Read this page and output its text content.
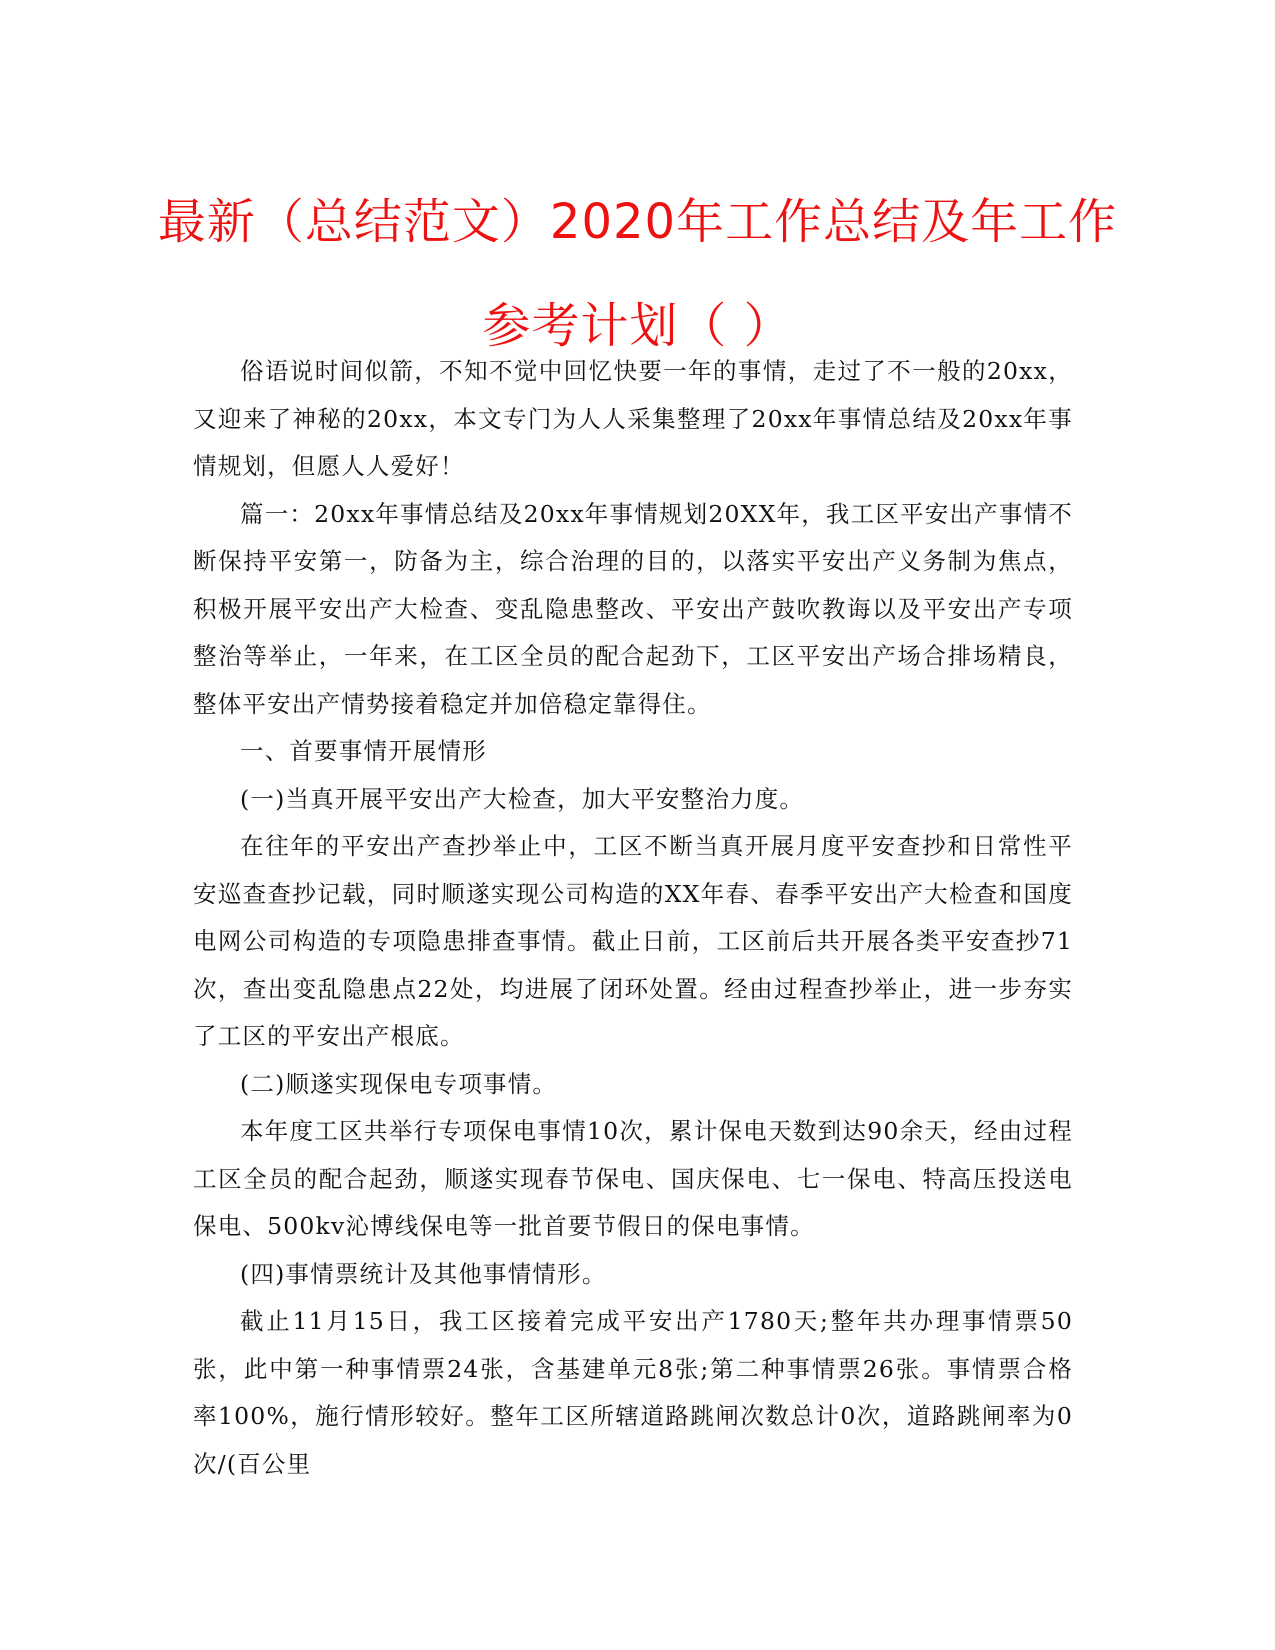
最新（总结范文）2020年工作总结及年工作参考计划（ ）

俗语说时间似箭，不知不觉中回忆快要一年的事情，走过了不一般的20xx，又迎来了神秘的20xx，本文专门为人人采集整理了20xx年事情总结及20xx年事情规划，但愿人人爱好！

篇一：20xx年事情总结及20xx年事情规划20XX年，我工区平安出产事情不断保持平安第一，防备为主，综合治理的目的，以落实平安出产义务制为焦点，积极开展平安出产大检查、变乱隐患整改、平安出产鼓吹教诲以及平安出产专项整治等举止，一年来，在工区全员的配合起劲下，工区平安出产场合排场精良，整体平安出产情势接着稳定并加倍稳定靠得住。

一、首要事情开展情形

(一)当真开展平安出产大检查，加大平安整治力度。

在往年的平安出产查抄举止中，工区不断当真开展月度平安查抄和日常性平安巡查查抄记载，同时顺遂实现公司构造的XX年春、春季平安出产大检查和国度电网公司构造的专项隐患排查事情。截止日前，工区前后共开展各类平安查抄71次，查出变乱隐患点22处，均进展了闭环处置。经由过程查抄举止，进一步夯实了工区的平安出产根底。

(二)顺遂实现保电专项事情。

本年度工区共举行专项保电事情10次，累计保电天数到达90余天，经由过程工区全员的配合起劲，顺遂实现春节保电、国庆保电、七一保电、特高压投送电保电、500kv沁博线保电等一批首要节假日的保电事情。

(四)事情票统计及其他事情情形。

截止11月15日，我工区接着完成平安出产1780天;整年共办理事情票50张，此中第一种事情票24张，含基建单元8张;第二种事情票26张。事情票合格率100%，施行情形较好。整年工区所辖道路跳闸次数总计0次，道路跳闸率为0次/(百公里
